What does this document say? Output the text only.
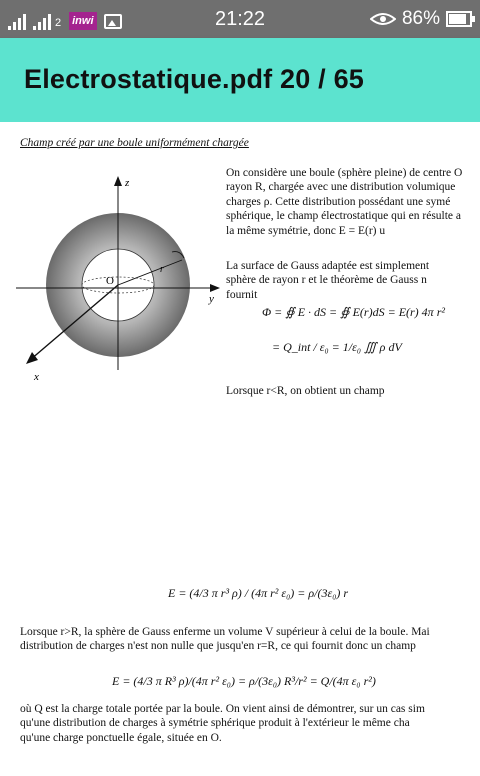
2 inwi	21:22	86%
Electrostatique.pdf 20 / 65
Champ créé par une boule uniformément chargée
z
y
x
O
r
On considère une boule (sphère pleine) de centre O
rayon R, chargée avec une distribution volumique
charges ρ. Cette distribution possédant une symé
sphérique, le champ électrostatique qui en résulte a
la même symétrie, donc E = E(r) u
La surface de Gauss adaptée est simplement
sphère de rayon r et le théorème de Gauss n
fournit
Φ = ∯ E · dS = ∯ E(r)dS = E(r) 4π r²
= Q_int / ε₀ = 1/ε₀ ∭ ρ dV
Lorsque r<R, on obtient un champ
E = (4/3 π r³ ρ) / (4π r² ε₀) = ρ/(3ε₀) r
Lorsque r>R, la sphère de Gauss enferme un volume V supérieur à celui de la boule. Mai
distribution de charges n'est non nulle que jusqu'en r=R, ce qui fournit donc un champ
E = (4/3 π R³ ρ)/(4π r² ε₀) = ρ/(3ε₀) R³/r² = Q/(4π ε₀ r²)
où Q est la charge totale portée par la boule. On vient ainsi de démontrer, sur un cas sim
qu'une distribution de charges à symétrie sphérique produit à l'extérieur le même cha
qu'une charge ponctuelle égale, située en O.
